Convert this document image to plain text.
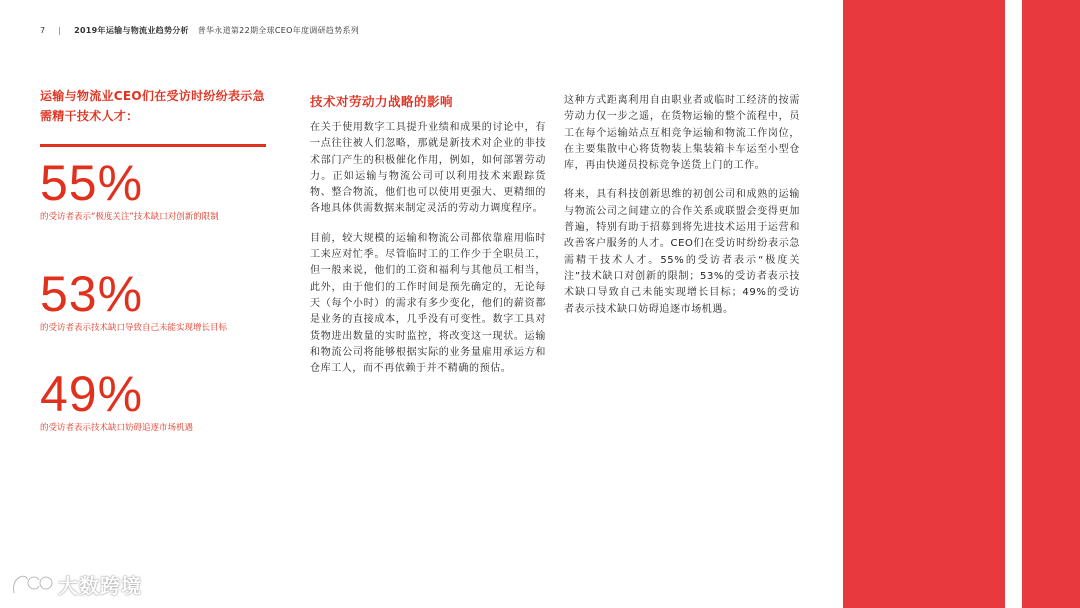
7 | 2019年运输与物流业趋势分析 普华永道第22期全球CEO年度调研趋势系列
运输与物流业CEO们在受访时纷纷表示急需精干技术人才：
55%
的受访者表示“极度关注”技术缺口对创新的限制
53%
的受访者表示技术缺口导致自己未能实现增长目标
49%
的受访者表示技术缺口妨碍追逐市场机遇
技术对劳动力战略的影响

在关于使用数字工具提升业绩和成果的讨论中，有一点往往被人们忽略，那就是新技术对企业的非技术部门产生的积极催化作用，例如，如何部署劳动力。正如运输与物流公司可以利用技术来跟踪货物、整合物流，他们也可以使用更强大、更精细的各地具体供需数据来制定灵活的劳动力调度程序。

目前，较大规模的运输和物流公司都依靠雇用临时工来应对忙季。尽管临时工的工作少于全职员工，但一般来说，他们的工资和福利与其他员工相当，此外，由于他们的工作时间是预先确定的，无论每天（每个小时）的需求有多少变化，他们的薪资都是业务的直接成本，几乎没有可变性。数字工具对货物进出数量的实时监控，将改变这一现状。运输和物流公司将能够根据实际的业务量雇用承运方和仓库工人，而不再依赖于并不精确的预估。

这种方式距离利用自由职业者或临时工经济的按需劳动力仅一步之遥，在货物运输的整个流程中，员工在每个运输站点互相竞争运输和物流工作岗位，在主要集散中心将货物装上集装箱卡车运至小型仓库，再由快递员投标竞争送货上门的工作。

将来，具有科技创新思维的初创公司和成熟的运输与物流公司之间建立的合作关系或联盟会变得更加普遍，特别有助于招募到将先进技术运用于运营和改善客户服务的人才。CEO们在受访时纷纷表示急需精干技术人才。55%的受访者表示“极度关注”技术缺口对创新的限制；53%的受访者表示技术缺口导致自己未能实现增长目标；49%的受访者表示技术缺口妨碍追逐市场机遇。

大数跨境
